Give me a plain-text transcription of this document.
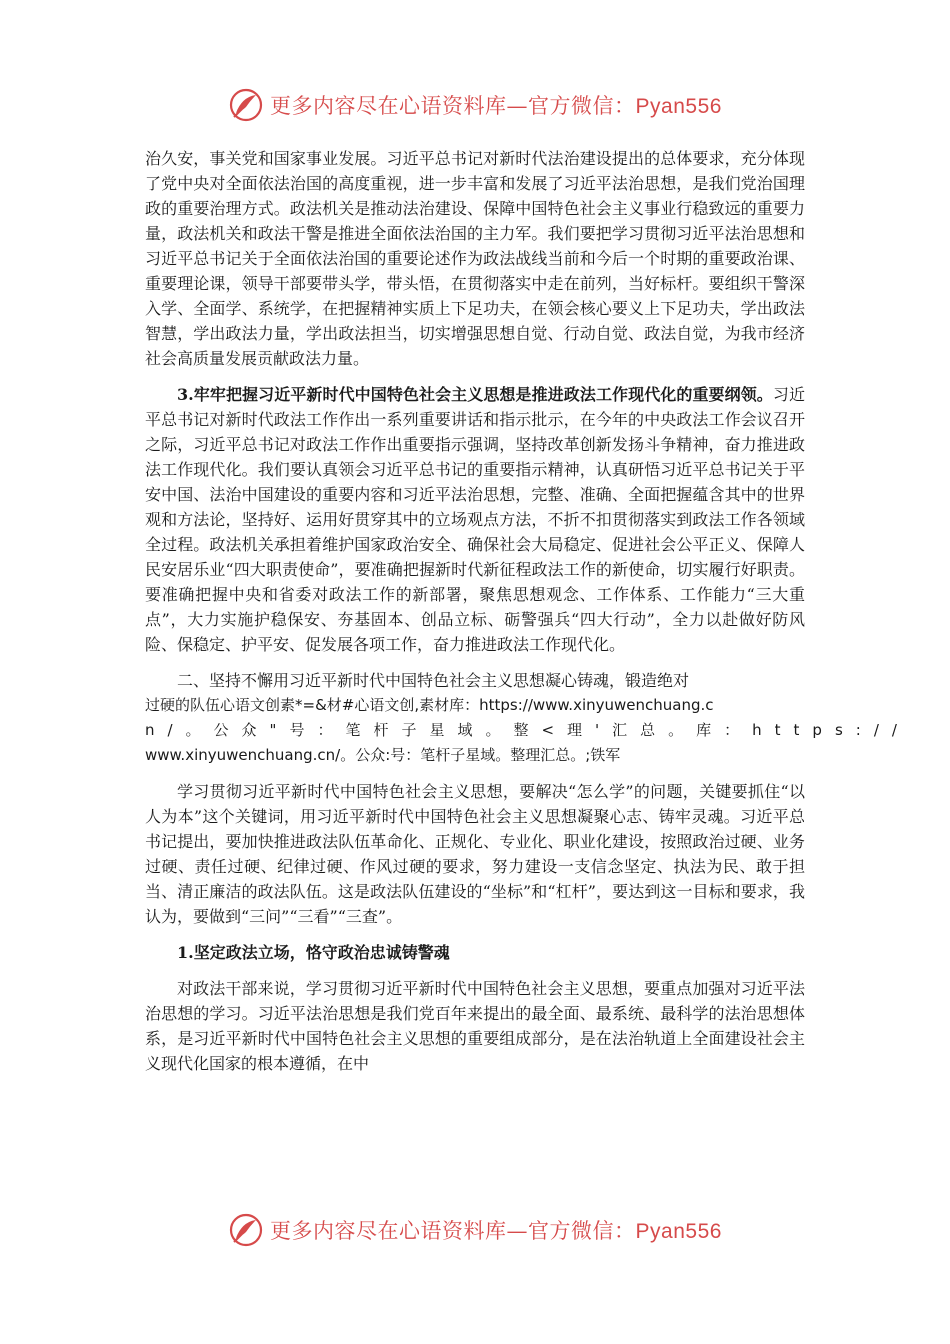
更多内容尽在心语资料库—官方微信：Pyan556

治久安，事关党和国家事业发展。习近平总书记对新时代法治建设提出的总体要求，充分体现了党中央对全面依法治国的高度重视，进一步丰富和发展了习近平法治思想，是我们党治国理政的重要治理方式。政法机关是推动法治建设、保障中国特色社会主义事业行稳致远的重要力量，政法机关和政法干警是推进全面依法治国的主力军。我们要把学习贯彻习近平法治思想和习近平总书记关于全面依法治国的重要论述作为政法战线当前和今后一个时期的重要政治课、重要理论课，领导干部要带头学，带头悟，在贯彻落实中走在前列，当好标杆。要组织干警深入学、全面学、系统学，在把握精神实质上下足功夫，在领会核心要义上下足功夫，学出政法智慧，学出政法力量，学出政法担当，切实增强思想自觉、行动自觉、政法自觉，为我市经济社会高质量发展贡献政法力量。

3.牢牢把握习近平新时代中国特色社会主义思想是推进政法工作现代化的重要纲领。习近平总书记对新时代政法工作作出一系列重要讲话和指示批示，在今年的中央政法工作会议召开之际，习近平总书记对政法工作作出重要指示强调，坚持改革创新发扬斗争精神，奋力推进政法工作现代化。我们要认真领会习近平总书记的重要指示精神，认真研悟习近平总书记关于平安中国、法治中国建设的重要内容和习近平法治思想，完整、准确、全面把握蕴含其中的世界观和方法论，坚持好、运用好贯穿其中的立场观点方法，不折不扣贯彻落实到政法工作各领域全过程。政法机关承担着维护国家政治安全、确保社会大局稳定、促进社会公平正义、保障人民安居乐业“四大职责使命”，要准确把握新时代新征程政法工作的新使命，切实履行好职责。要准确把握中央和省委对政法工作的新部署，聚焦思想观念、工作体系、工作能力“三大重点”，大力实施护稳保安、夯基固本、创品立标、砺警强兵“四大行动”，全力以赴做好防风险、保稳定、护平安、促发展各项工作，奋力推进政法工作现代化。

二、坚持不懈用习近平新时代中国特色社会主义思想凝心铸魂，锻造绝对

过硬的队伍心语文创素*=&材#心语文创,素材库：https://www.xinyuwenchuang.c

n/。公众"号：笔杆子星域。整<理'汇总。库：https://

www.xinyuwenchuang.cn/。公众:号：笔杆子星域。整理汇总。;铁军

学习贯彻习近平新时代中国特色社会主义思想，要解决“怎么学”的问题，关键要抓住“以人为本”这个关键词，用习近平新时代中国特色社会主义思想凝聚心志、铸牢灵魂。习近平总书记提出，要加快推进政法队伍革命化、正规化、专业化、职业化建设，按照政治过硬、业务过硬、责任过硬、纪律过硬、作风过硬的要求，努力建设一支信念坚定、执法为民、敢于担当、清正廉洁的政法队伍。这是政法队伍建设的“坐标”和“杠杆”，要达到这一目标和要求，我认为，要做到“三问”“三看”“三查”。

1.坚定政法立场，恪守政治忠诚铸警魂

对政法干部来说，学习贯彻习近平新时代中国特色社会主义思想，要重点加强对习近平法治思想的学习。习近平法治思想是我们党百年来提出的最全面、最系统、最科学的法治思想体系，是习近平新时代中国特色社会主义思想的重要组成部分，是在法治轨道上全面建设社会主义现代化国家的根本遵循，在中

更多内容尽在心语资料库—官方微信：Pyan556
